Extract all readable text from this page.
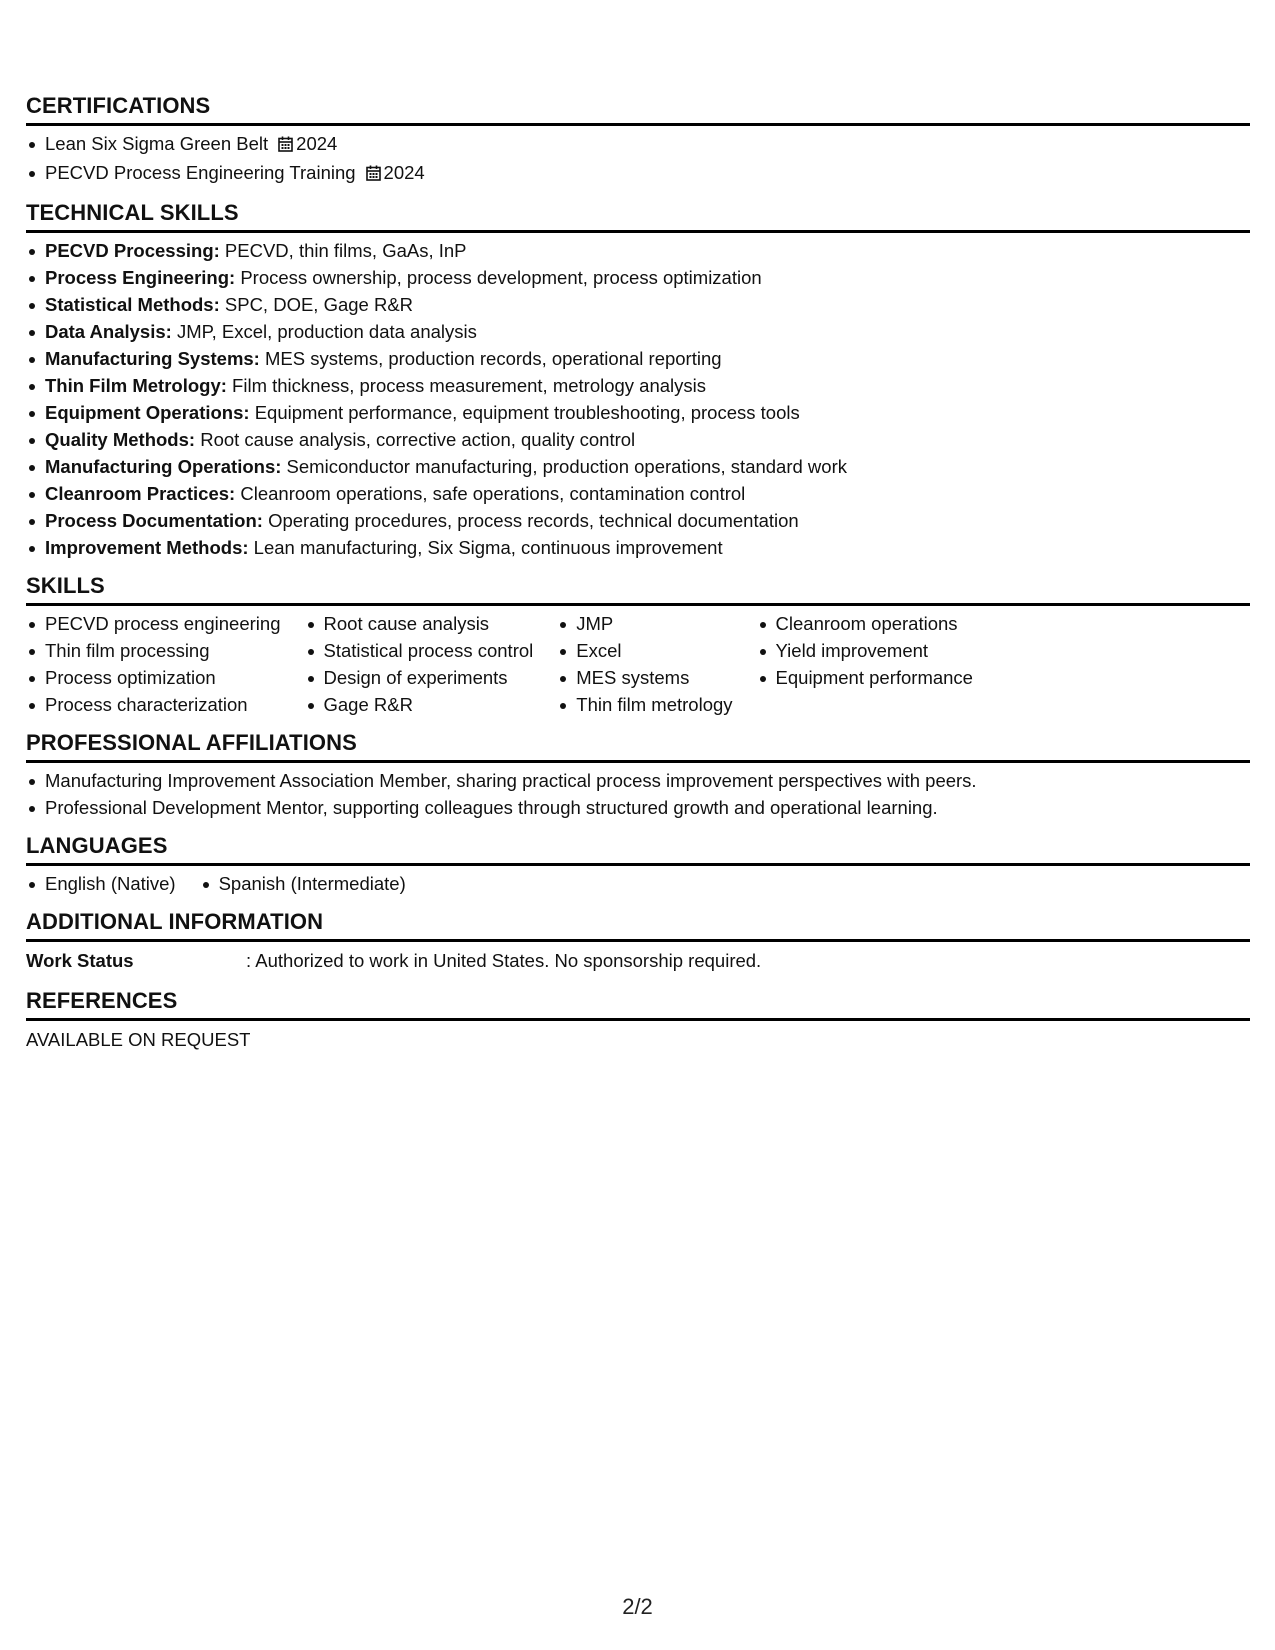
CERTIFICATIONS
Lean Six Sigma Green Belt 2024
PECVD Process Engineering Training 2024
TECHNICAL SKILLS
PECVD Processing: PECVD, thin films, GaAs, InP
Process Engineering: Process ownership, process development, process optimization
Statistical Methods: SPC, DOE, Gage R&R
Data Analysis: JMP, Excel, production data analysis
Manufacturing Systems: MES systems, production records, operational reporting
Thin Film Metrology: Film thickness, process measurement, metrology analysis
Equipment Operations: Equipment performance, equipment troubleshooting, process tools
Quality Methods: Root cause analysis, corrective action, quality control
Manufacturing Operations: Semiconductor manufacturing, production operations, standard work
Cleanroom Practices: Cleanroom operations, safe operations, contamination control
Process Documentation: Operating procedures, process records, technical documentation
Improvement Methods: Lean manufacturing, Six Sigma, continuous improvement
SKILLS
PECVD process engineering
Thin film processing
Process optimization
Process characterization
Root cause analysis
Statistical process control
Design of experiments
Gage R&R
JMP
Excel
MES systems
Thin film metrology
Cleanroom operations
Yield improvement
Equipment performance
PROFESSIONAL AFFILIATIONS
Manufacturing Improvement Association Member, sharing practical process improvement perspectives with peers.
Professional Development Mentor, supporting colleagues through structured growth and operational learning.
LANGUAGES
English (Native)	Spanish (Intermediate)
ADDITIONAL INFORMATION
Work Status	: Authorized to work in United States. No sponsorship required.
REFERENCES
AVAILABLE ON REQUEST
2/2
